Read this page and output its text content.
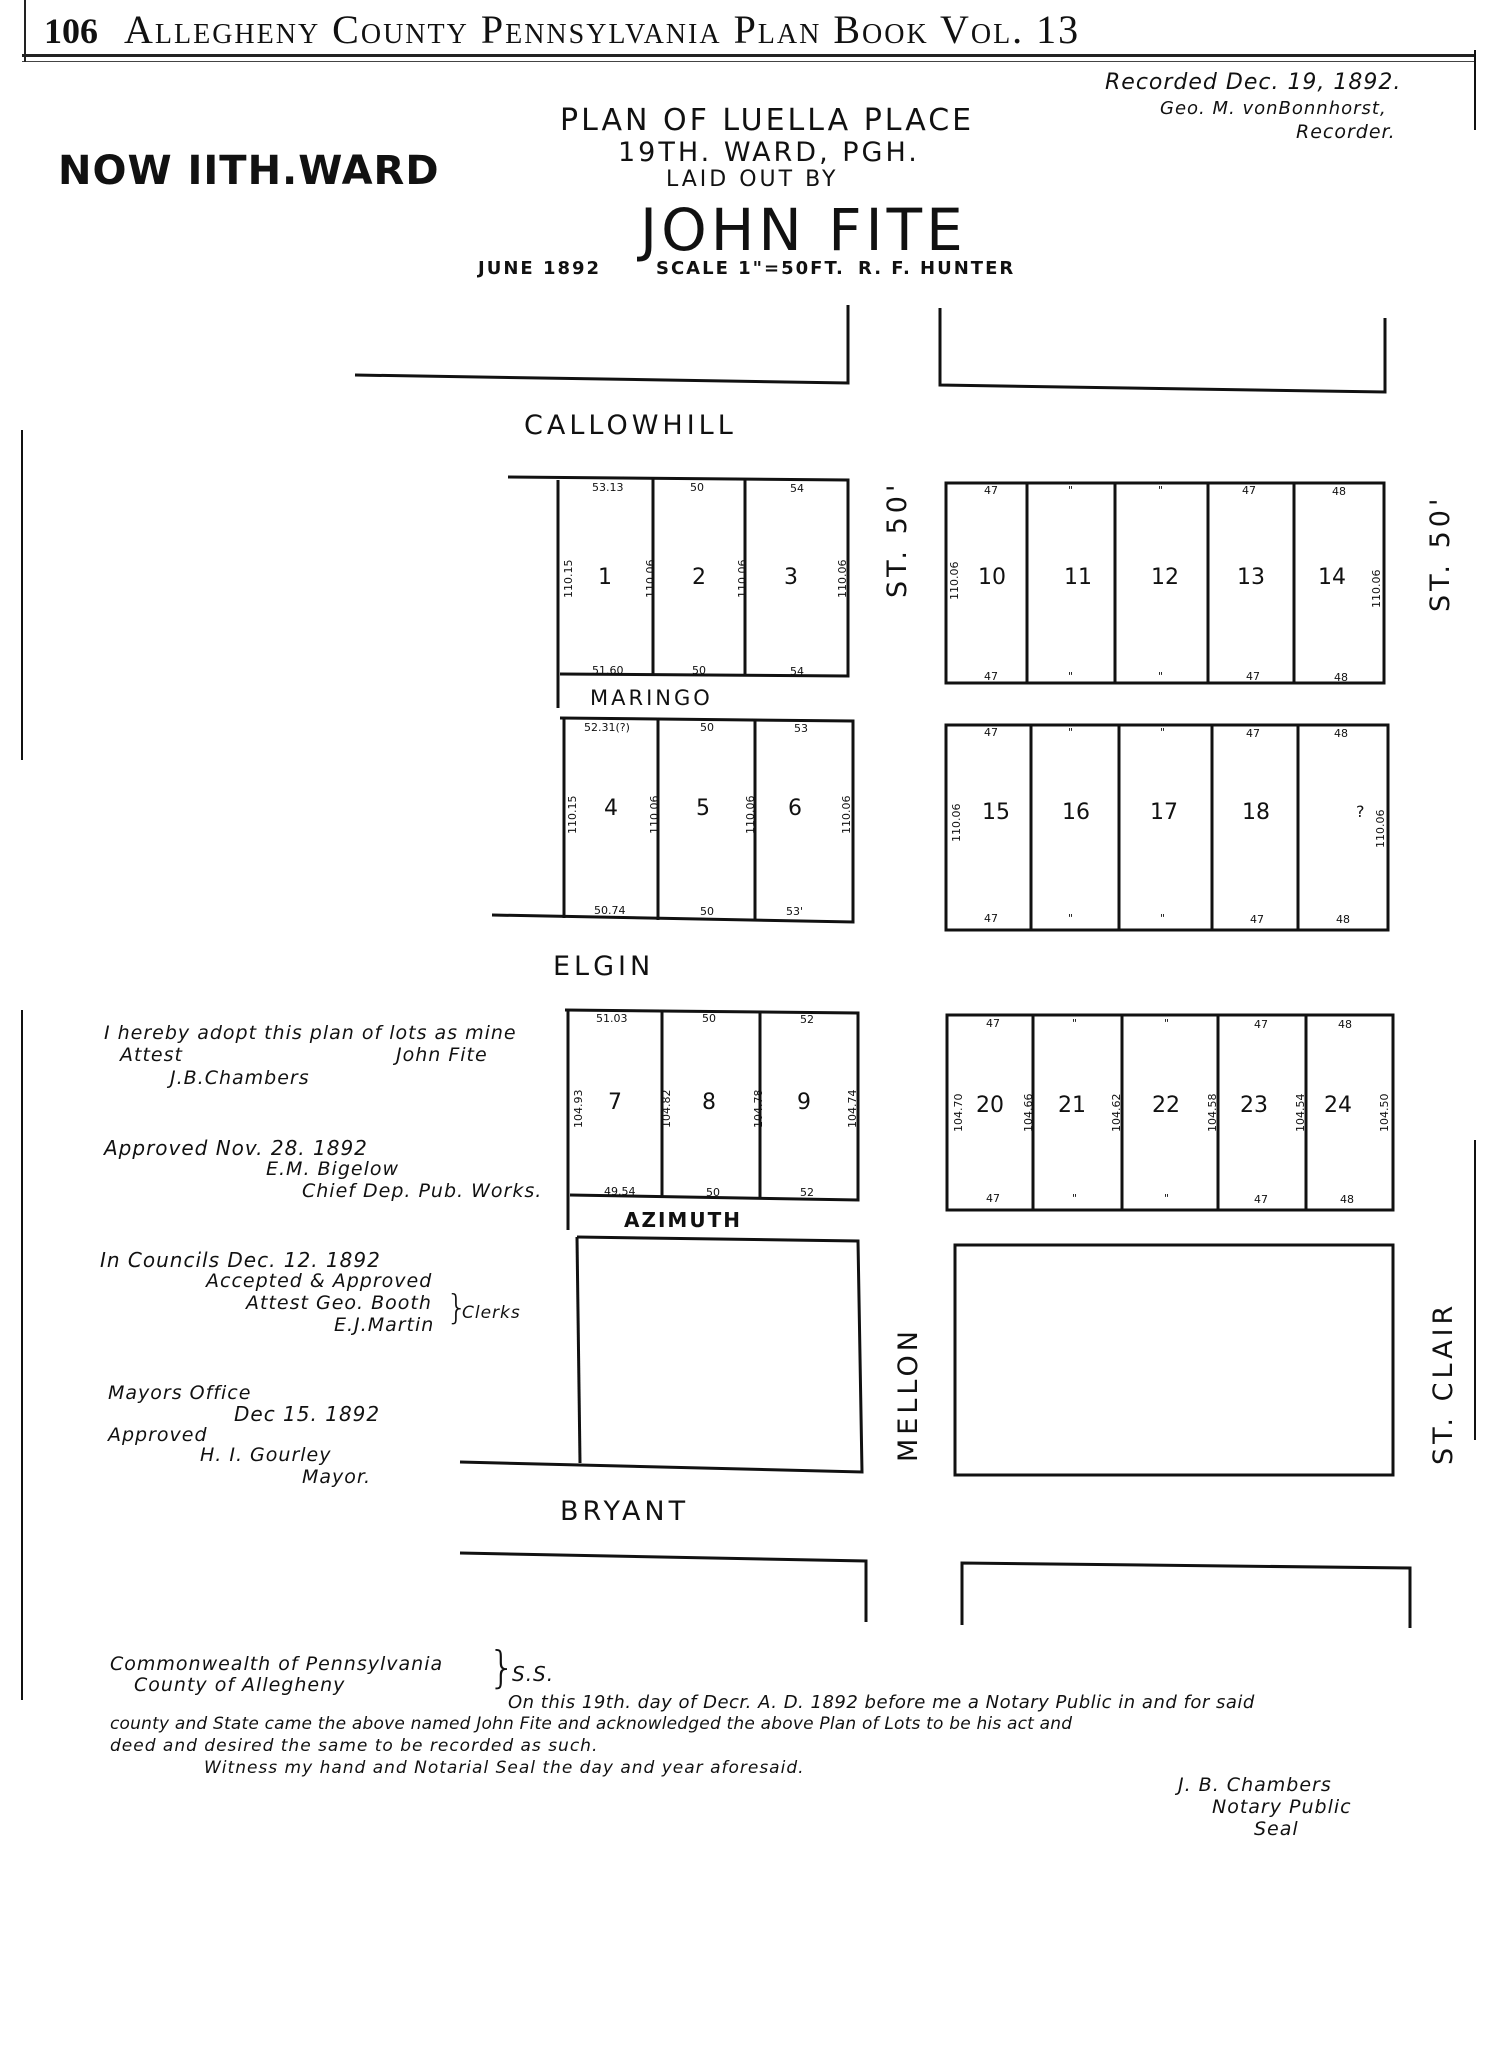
106 Allegheny County Pennsylvania Plan Book Vol. 13
NOW IITH.WARD
Recorded Dec. 19, 1892.
Geo. M. vonBonnhorst,
Recorder.
PLAN OF LUELLA PLACE
19TH. WARD, PGH.
LAID OUT BY
JOHN FITE
JUNE 1892	SCALE 1"=50FT. R. F. HUNTER
CALLOWHILL
MARINGO
ELGIN
AZIMUTH
BRYANT
ST. 50'	ST. 50'
MELLON	ST. CLAIR
1	2	3
4	5	6
7	8	9
10	11	12	13 14
15 16	17	18	?
20 21	22	23	24
53.13	50	54
51.60	50	54
110.15	110.06	110.06	110.06
52.31(?)	50	53
50.74	50	53'
110.15	110.06	110.06	110.06
51.03	50	52
49.54	50	52
104.93	104.82	104.78	104.74
47	"	"	47	48
47	"	"	47	48
110.06	110.06
47	"	"	47	48
47	"	"	47	48
110.06	110.06
47	"	"	47	48
47	"	"	47	48
104.70	104.66	104.62	104.58	104.54	104.50
I hereby adopt this plan of lots as mine
Attest	John Fite
J.B.Chambers
Approved Nov. 28. 1892
E.M. Bigelow
Chief Dep. Pub. Works.
In Councils Dec. 12. 1892
Accepted & Approved
Attest Geo. Booth
E.J.Martin }
Clerks
Mayors Office
Dec 15. 1892
Approved
H. I. Gourley
Mayor.
Commonwealth of Pennsylvania
County of Allegheny	}
S.S.
On this 19th. day of Decr. A. D. 1892 before me a Notary Public in and for said
county and State came the above named John Fite and acknowledged the above Plan of Lots to be his act and
deed and desired the same to be recorded as such.
Witness my hand and Notarial Seal the day and year aforesaid.
J. B. Chambers
Notary Public
Seal
